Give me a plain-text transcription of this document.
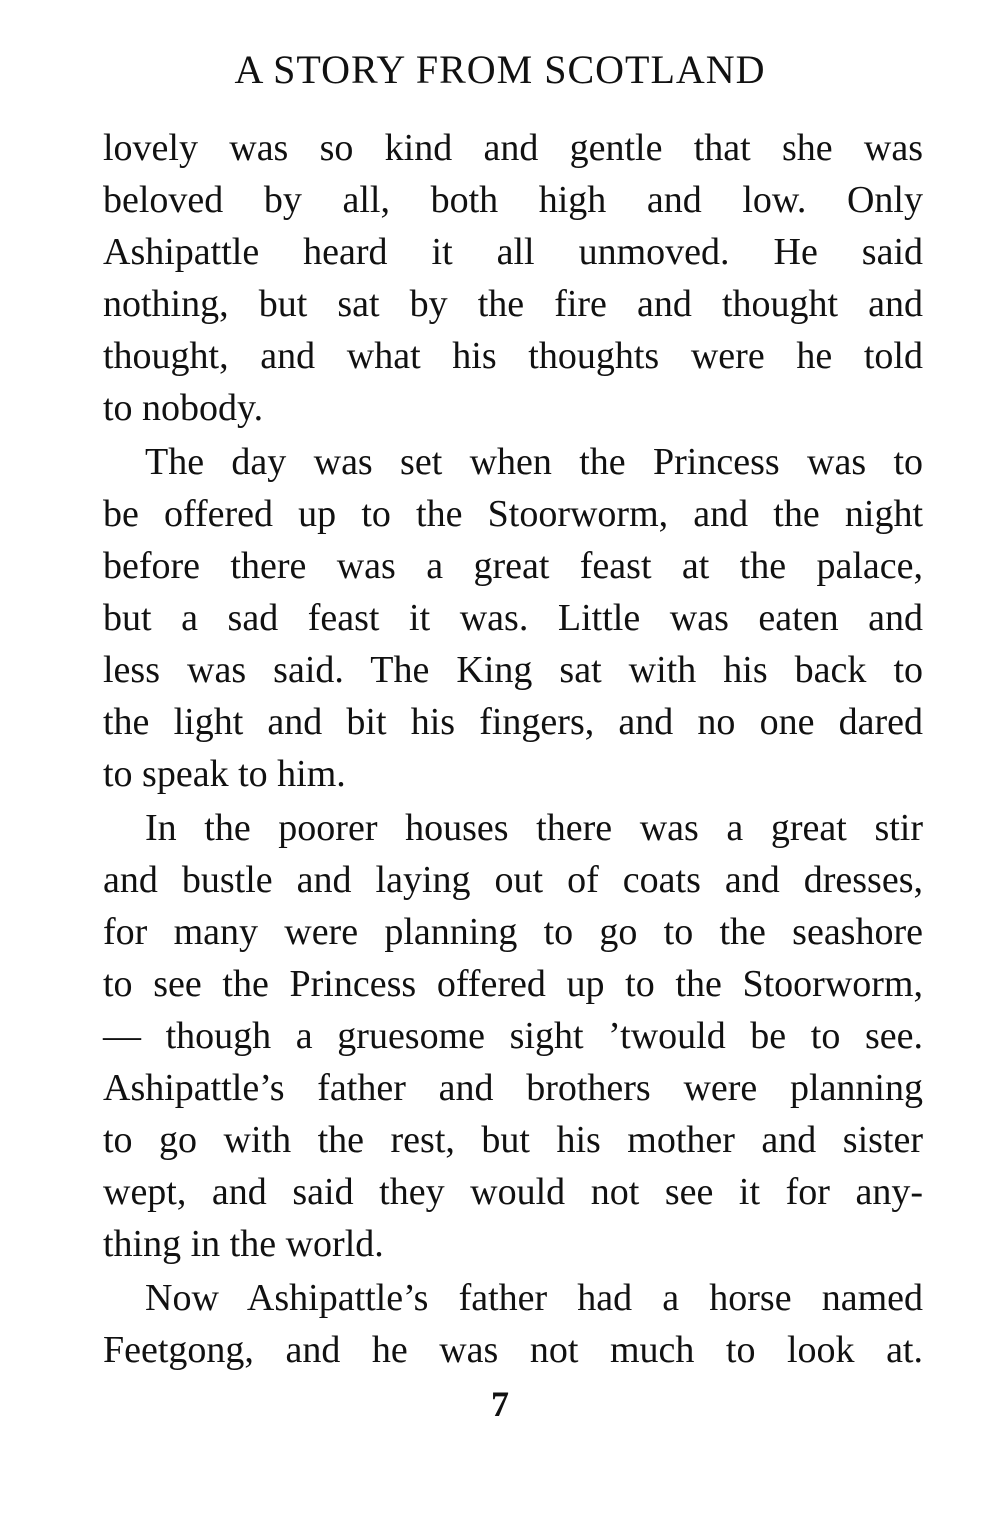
A STORY FROM SCOTLAND

lovely was so kind and gentle that she was
beloved by all, both high and low. Only
Ashipattle heard it all unmoved. He said
nothing, but sat by the fire and thought and
thought, and what his thoughts were he told
to nobody.

The day was set when the Princess was to
be offered up to the Stoorworm, and the night
before there was a great feast at the palace,
but a sad feast it was. Little was eaten and
less was said. The King sat with his back to
the light and bit his fingers, and no one dared
to speak to him.

In the poorer houses there was a great stir
and bustle and laying out of coats and dresses,
for many were planning to go to the seashore
to see the Princess offered up to the Stoorworm,
— though a gruesome sight ’twould be to see.
Ashipattle’s father and brothers were planning
to go with the rest, but his mother and sister
wept, and said they would not see it for any-
thing in the world.

Now Ashipattle’s father had a horse named
Feetgong, and he was not much to look at.

7
